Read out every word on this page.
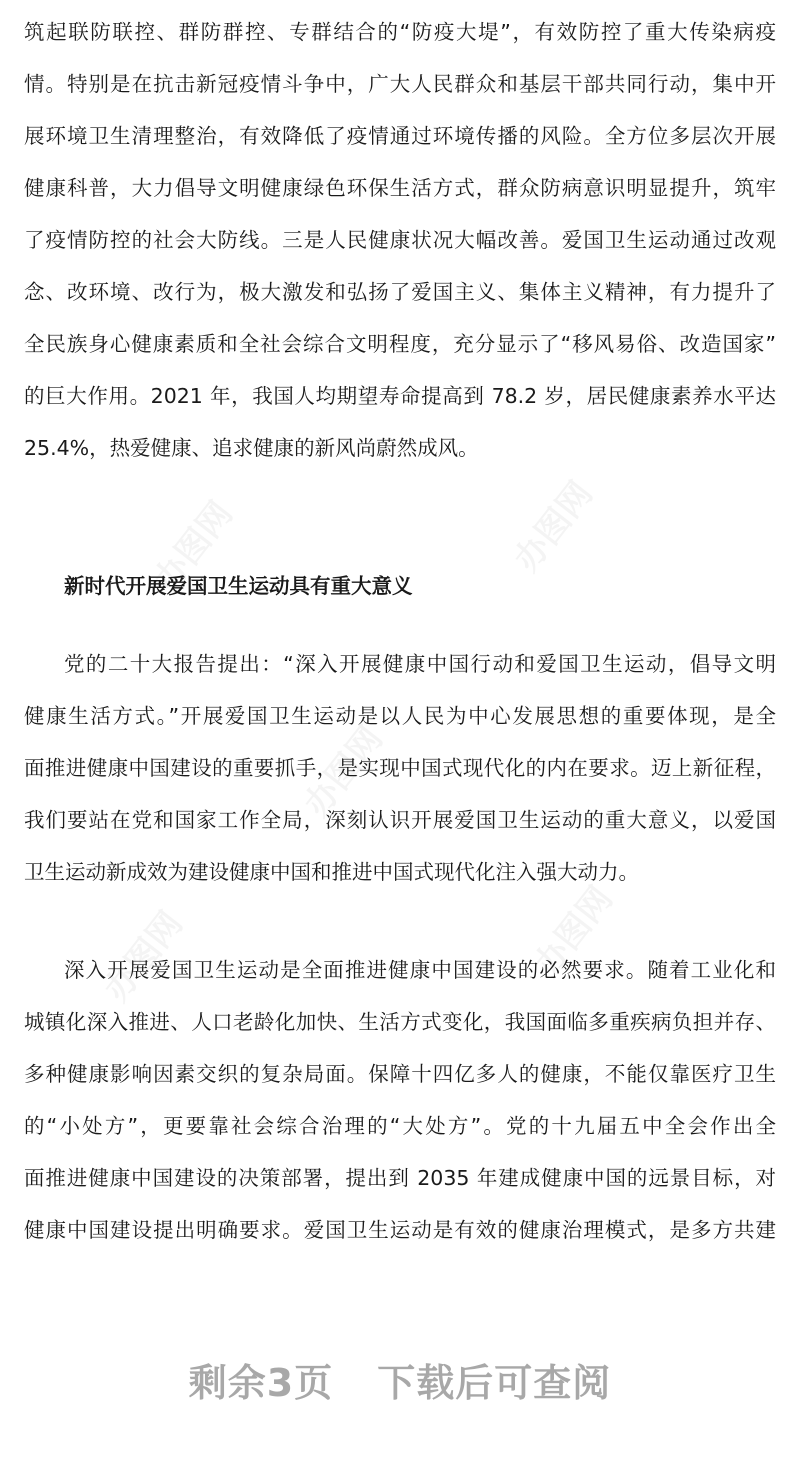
筑起联防联控、群防群控、专群结合的“防疫大堤”，有效防控了重大传染病疫
情。特别是在抗击新冠疫情斗争中，广大人民群众和基层干部共同行动，集中开
展环境卫生清理整治，有效降低了疫情通过环境传播的风险。全方位多层次开展
健康科普，大力倡导文明健康绿色环保生活方式，群众防病意识明显提升，筑牢
了疫情防控的社会大防线。三是人民健康状况大幅改善。爱国卫生运动通过改观
念、改环境、改行为，极大激发和弘扬了爱国主义、集体主义精神，有力提升了
全民族身心健康素质和全社会综合文明程度，充分显示了“移风易俗、改造国家”
的巨大作用。2021 年，我国人均期望寿命提高到 78.2 岁，居民健康素养水平达
25.4%，热爱健康、追求健康的新风尚蔚然成风。
新时代开展爱国卫生运动具有重大意义
党的二十大报告提出：“深入开展健康中国行动和爱国卫生运动，倡导文明
健康生活方式。”开展爱国卫生运动是以人民为中心发展思想的重要体现，是全
面推进健康中国建设的重要抓手，是实现中国式现代化的内在要求。迈上新征程，
我们要站在党和国家工作全局，深刻认识开展爱国卫生运动的重大意义，以爱国
卫生运动新成效为建设健康中国和推进中国式现代化注入强大动力。
深入开展爱国卫生运动是全面推进健康中国建设的必然要求。随着工业化和
城镇化深入推进、人口老龄化加快、生活方式变化，我国面临多重疾病负担并存、
多种健康影响因素交织的复杂局面。保障十四亿多人的健康，不能仅靠医疗卫生
的“小处方”，更要靠社会综合治理的“大处方”。党的十九届五中全会作出全
面推进健康中国建设的决策部署，提出到 2035 年建成健康中国的远景目标，对
健康中国建设提出明确要求。爱国卫生运动是有效的健康治理模式，是多方共建
剩余3页 下载后可查阅
